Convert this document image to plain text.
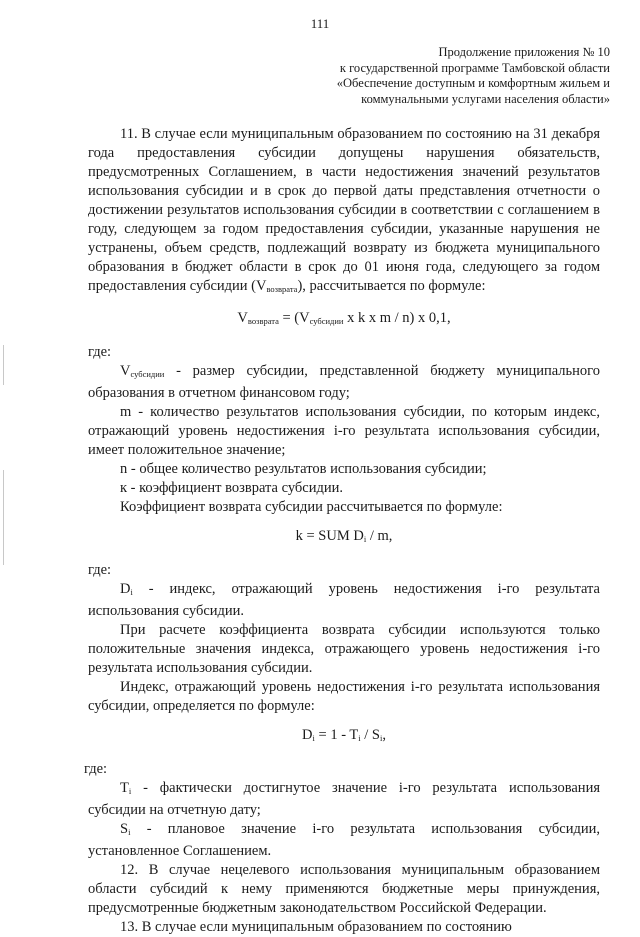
111
Продолжение приложения № 10
к государственной программе Тамбовской области
«Обеспечение доступным и комфортным жильем и
коммунальными услугами населения области»

11. В случае если муниципальным образованием по состоянию на 31 декабря года предоставления субсидии допущены нарушения обязательств, предусмотренных Соглашением, в части недостижения значений результатов использования субсидии и в срок до первой даты представления отчетности о достижении результатов использования субсидии в соответствии с соглашением в году, следующем за годом предоставления субсидии, указанные нарушения не устранены, объем средств, подлежащий возврату из бюджета муниципального образования в бюджет области в срок до 01 июня года, следующего за годом предоставления субсидии $(V_{возврата})$, рассчитывается по формуле:

$V_{возврата} = (V_{субсидии}$ x k x m / n) x 0,1,

где:

$V_{субсидии}$ - размер субсидии, представленной бюджету муниципального образования в отчетном финансовом году;

m - количество результатов использования субсидии, по которым индекс, отражающий уровень недостижения i-го результата использования субсидии, имеет положительное значение;

n - общее количество результатов использования субсидии;

к - коэффициент возврата субсидии.

Коэффициент возврата субсидии рассчитывается по формуле:

k = SUM $D_i$ / m,

где:

$D_i$ - индекс, отражающий уровень недостижения i-го результата использования субсидии.

При расчете коэффициента возврата субсидии используются только положительные значения индекса, отражающего уровень недостижения i-го результата использования субсидии.

Индекс, отражающий уровень недостижения i-го результата использования субсидии, определяется по формуле:

$D_i = 1 - T_i / S_i$,

где:

$T_i$ - фактически достигнутое значение i-го результата использования субсидии на отчетную дату;

$S_i$ - плановое значение i-го результата использования субсидии, установленное Соглашением.

12. В случае нецелевого использования муниципальным образованием области субсидий к нему применяются бюджетные меры принуждения, предусмотренные бюджетным законодательством Российской Федерации.

13. В случае если муниципальным образованием по состоянию
